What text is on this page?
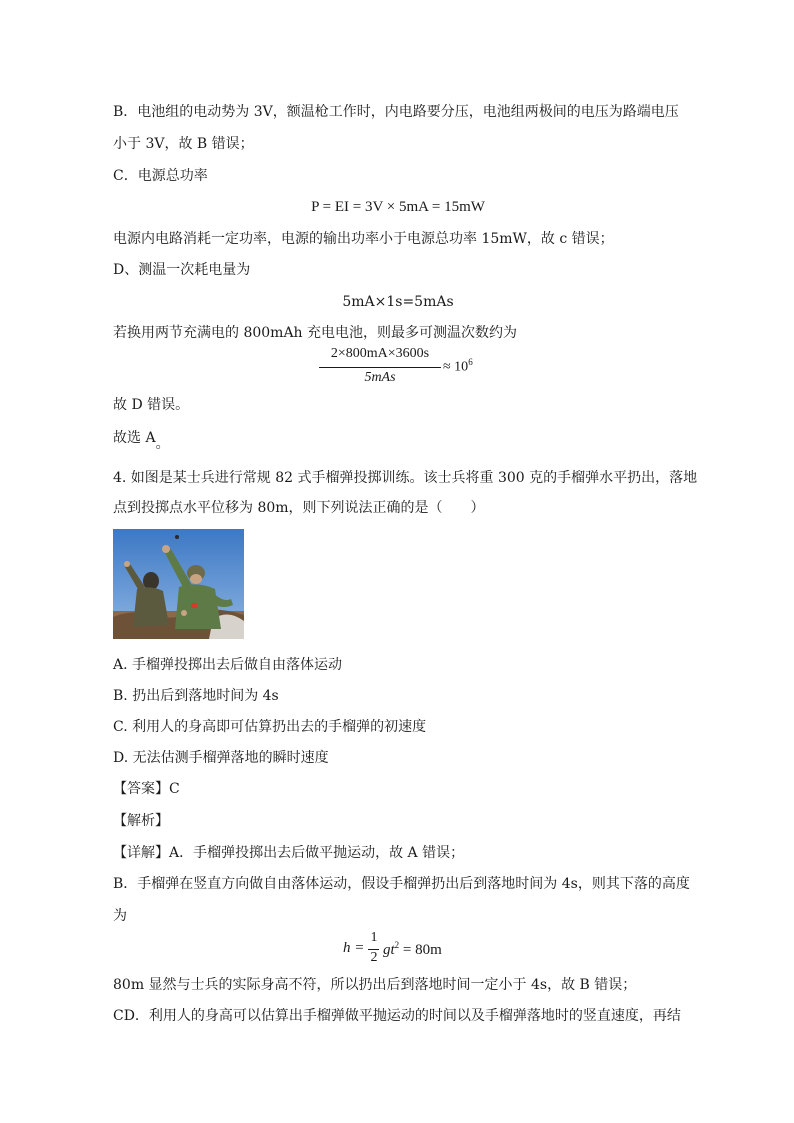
B．电池组的电动势为 3V，额温枪工作时，内电路要分压，电池组两极间的电压为路端电压
小于 3V，故 B 错误；
C．电源总功率
P = EI = 3V × 5mA = 15mW
电源内电路消耗一定功率，电源的输出功率小于电源总功率 15mW，故 c 错误；
D、测温一次耗电量为
5mA×1s=5mAs
若换用两节充满电的 800mAh 充电电池，则最多可测温次数约为
2×800mA×3600s
5mAs
≈ $10^6$
故 D 错误。
故选 A。
4. 如图是某士兵进行常规 82 式手榴弹投掷训练。该士兵将重 300 克的手榴弹水平扔出，落地
点到投掷点水平位移为 80m，则下列说法正确的是（　　）
A. 手榴弹投掷出去后做自由落体运动
B. 扔出后到落地时间为 4s
C. 利用人的身高即可估算扔出去的手榴弹的初速度
D. 无法估测手榴弹落地的瞬时速度
【答案】C
【解析】
【详解】A．手榴弹投掷出去后做平抛运动，故 A 错误；
B．手榴弹在竖直方向做自由落体运动，假设手榴弹扔出后到落地时间为 4s，则其下落的高度
为
h =
1
2 $gt^2 = 80m$
80m 显然与士兵的实际身高不符，所以扔出后到落地时间一定小于 4s，故 B 错误；
CD．利用人的身高可以估算出手榴弹做平抛运动的时间以及手榴弹落地时的竖直速度，再结
